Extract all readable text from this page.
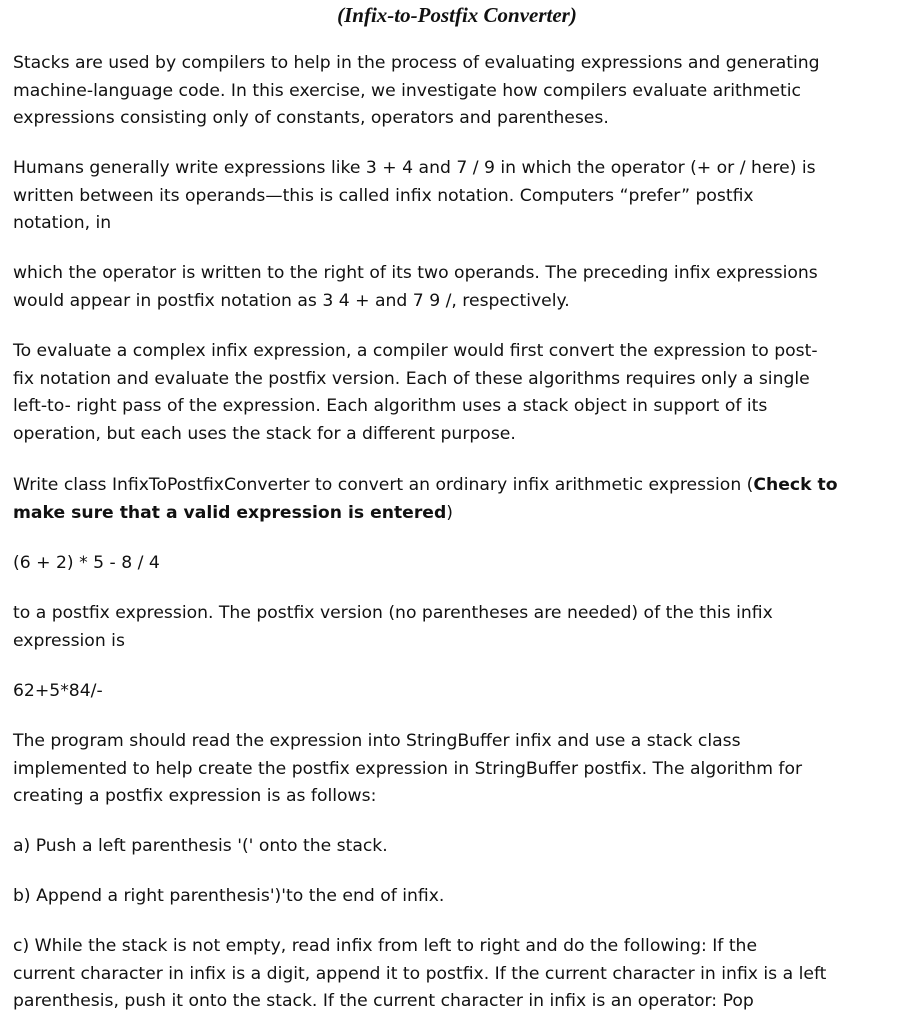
(Infix-to-Postfix Converter)

Stacks are used by compilers to help in the process of evaluating expressions and generating
machine-language code. In this exercise, we investigate how compilers evaluate arithmetic
expressions consisting only of constants, operators and parentheses.

Humans generally write expressions like 3 + 4 and 7 / 9 in which the operator (+ or / here) is
written between its operands—this is called infix notation. Computers “prefer” postfix
notation, in

which the operator is written to the right of its two operands. The preceding infix expressions
would appear in postfix notation as 3 4 + and 7 9 /, respectively.

To evaluate a complex infix expression, a compiler would first convert the expression to post-
fix notation and evaluate the postfix version. Each of these algorithms requires only a single
left-to- right pass of the expression. Each algorithm uses a stack object in support of its
operation, but each uses the stack for a different purpose.

Write class InfixToPostfixConverter to convert an ordinary infix arithmetic expression (Check to
make sure that a valid expression is entered)

(6 + 2) * 5 - 8 / 4

to a postfix expression. The postfix version (no parentheses are needed) of the this infix
expression is

62+5*84/-

The program should read the expression into StringBuffer infix and use a stack class
implemented to help create the postfix expression in StringBuffer postfix. The algorithm for
creating a postfix expression is as follows:

a) Push a left parenthesis '(' onto the stack.

b) Append a right parenthesis')'to the end of infix.

c) While the stack is not empty, read infix from left to right and do the following: If the
current character in infix is a digit, append it to postfix. If the current character in infix is a left
parenthesis, push it onto the stack. If the current character in infix is an operator: Pop
